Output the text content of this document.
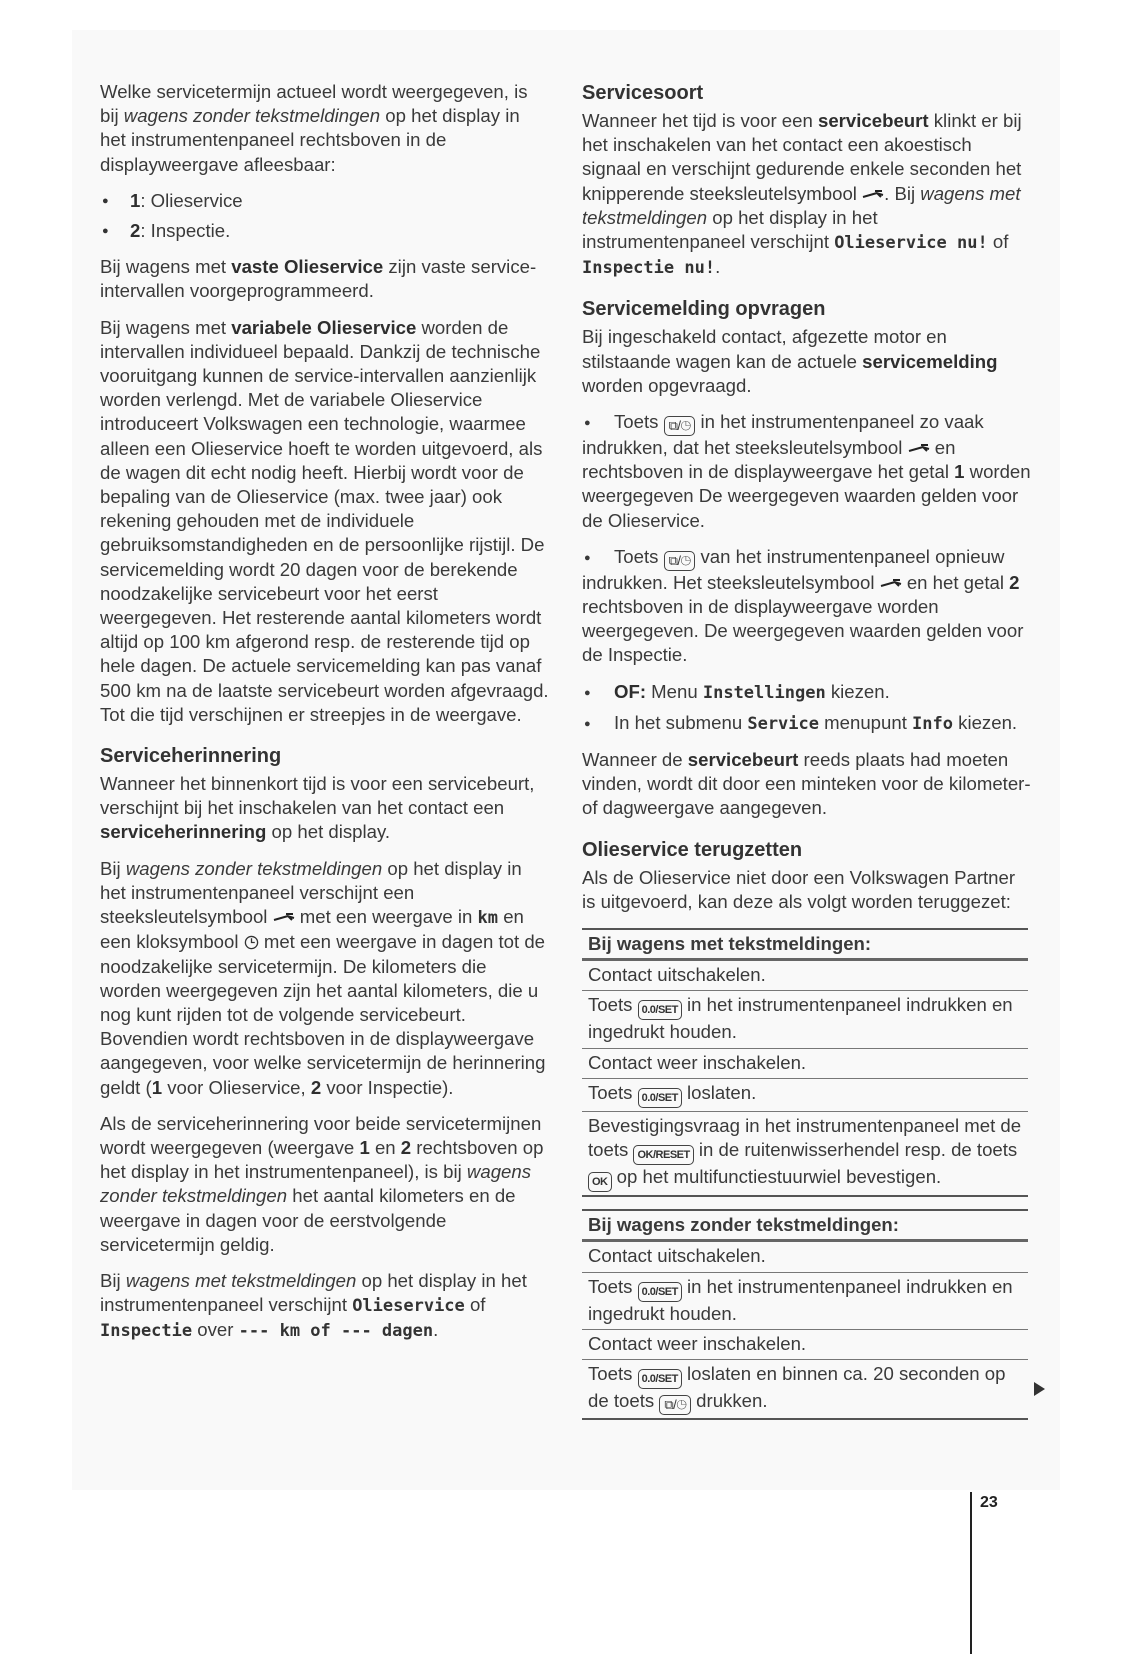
Welke servicetermijn actueel wordt weergegeven, is bij wagens zonder tekstmeldingen op het display in het instrumentenpaneel rechtsboven in de displayweergave afleesbaar:

● 1: Olieservice
● 2: Inspectie.

Bij wagens met vaste Olieservice zijn vaste service-intervallen voorgeprogrammeerd.

Bij wagens met variabele Olieservice worden de intervallen individueel bepaald. Dankzij de technische vooruitgang kunnen de service-intervallen aanzienlijk worden verlengd. Met de variabele Olieservice introduceert Volkswagen een technologie, waarmee alleen een Olieservice hoeft te worden uitgevoerd, als de wagen dit echt nodig heeft. Hierbij wordt voor de bepaling van de Olieservice (max. twee jaar) ook rekening gehouden met de individuele gebruiksomstandigheden en de persoonlijke rijstijl. De servicemelding wordt 20 dagen voor de berekende noodzakelijke servicebeurt voor het eerst weergegeven. Het resterende aantal kilometers wordt altijd op 100 km afgerond resp. de resterende tijd op hele dagen. De actuele servicemelding kan pas vanaf 500 km na de laatste servicebeurt worden afgevraagd. Tot die tijd verschijnen er streepjes in de weergave.

Serviceherinnering

Wanneer het binnenkort tijd is voor een servicebeurt, verschijnt bij het inschakelen van het contact een serviceherinnering op het display.

Bij wagens zonder tekstmeldingen op het display in het instrumentenpaneel verschijnt een steeksleutelsymbool  met een weergave in km en een kloksymbool  met een weergave in dagen tot de noodzakelijke servicetermijn. De kilometers die worden weergegeven zijn het aantal kilometers, die u nog kunt rijden tot de volgende servicebeurt. Bovendien wordt rechtsboven in de displayweergave aangegeven, voor welke servicetermijn de herinnering geldt (1 voor Olieservice, 2 voor Inspectie).

Als de serviceherinnering voor beide servicetermijnen wordt weergegeven (weergave 1 en 2 rechtsboven op het display in het instrumentenpaneel), is bij wagens zonder tekstmeldingen het aantal kilometers en de weergave in dagen voor de eerstvolgende servicetermijn geldig.

Bij wagens met tekstmeldingen op het display in het instrumentenpaneel verschijnt Olieservice of Inspectie over --- km of --- dagen.

Servicesoort

Wanneer het tijd is voor een servicebeurt klinkt er bij het inschakelen van het contact een akoestisch signaal en verschijnt gedurende enkele seconden het knipperende steeksleutelsymbool . Bij wagens met tekstmeldingen op het display in het instrumentenpaneel verschijnt Olieservice nu! of Inspectie nu!.

Servicemelding opvragen

Bij ingeschakeld contact, afgezette motor en stilstaande wagen kan de actuele servicemelding worden opgevraagd.

● Toets ⧉/◷ in het instrumentenpaneel zo vaak indrukken, dat het steeksleutelsymbool  en rechtsboven in de displayweergave het getal 1 worden weergegeven De weergegeven waarden gelden voor de Olieservice.

● Toets ⧉/◷ van het instrumentenpaneel opnieuw indrukken. Het steeksleutelsymbool  en het getal 2 rechtsboven in de displayweergave worden weergegeven. De weergegeven waarden gelden voor de Inspectie.

● OF: Menu Instellingen kiezen.

● In het submenu Service menupunt Info kiezen.

Wanneer de servicebeurt reeds plaats had moeten vinden, wordt dit door een minteken voor de kilometer- of dagweergave aangegeven.

Olieservice terugzetten

Als de Olieservice niet door een Volkswagen Partner is uitgevoerd, kan deze als volgt worden teruggezet:

Bij wagens met tekstmeldingen:
Contact uitschakelen.
Toets 0.0/SET in het instrumentenpaneel indrukken en ingedrukt houden.
Contact weer inschakelen.
Toets 0.0/SET loslaten.
Bevestigingsvraag in het instrumentenpaneel met de toets OK/RESET in de ruitenwisserhendel resp. de toets OK op het multifunctiestuurwiel bevestigen.
Bij wagens zonder tekstmeldingen:
Contact uitschakelen.
Toets 0.0/SET in het instrumentenpaneel indrukken en ingedrukt houden.
Contact weer inschakelen.
Toets 0.0/SET loslaten en binnen ca. 20 seconden op de toets ⧉/◷ drukken.
23
